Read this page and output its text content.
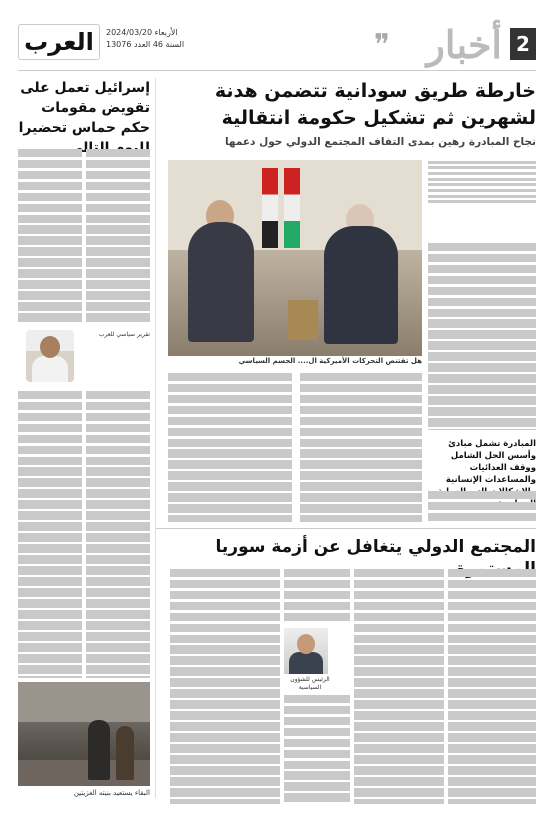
2
أخبار
❞
العرب	الأربعاء 2024/03/20
السنة 46 العدد 13076
خارطة طريق سودانية تتضمن هدنة لشهرين ثم تشكيل حكومة انتقالية
نجاح المبادرة رهين بمدى التفاف المجتمع الدولي حول دعمها
هل تقتنص التحركات الأميركية ال.... الحسم السياسي
المبادرة تشمل مبادئ وأسس الحل الشامل ووقف العدائيات والمساعدات الإنسانية
إسرائيل تعمل على تقويض مقومات حكم حماس تحضيرا
تقرير سياسي للعرب
البقاء يستعيد بنيته الغزيتين
المجتمع الدولي يتغافل عن أزمة سوريا
الرئيس للشؤون السياسية
